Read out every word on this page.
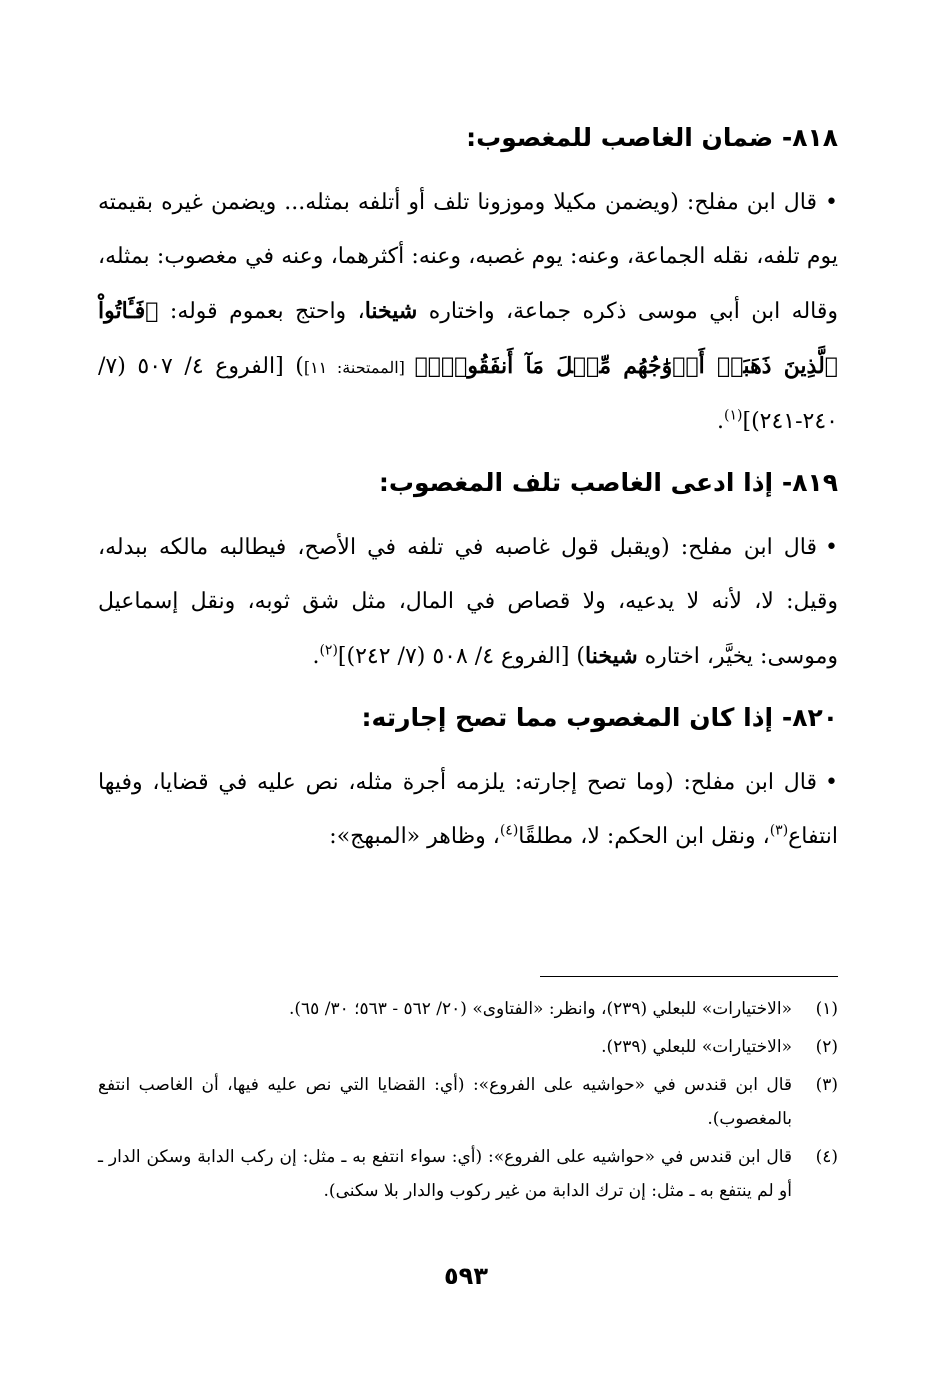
٨١٨- ضمان الغاصب للمغصوب:

•قال ابن مفلح: (ويضمن مكيلا وموزونا تلف أو أتلفه بمثله... ويضمن غيره بقيمته يوم تلفه، نقله الجماعة، وعنه: يوم غصبه، وعنه: أكثرهما، وعنه في مغصوب: بمثله، وقاله ابن أبي موسى ذكره جماعة، واختاره شيخنا، واحتج بعموم قوله: ﴿فَـَٔاتُواْ ٱلَّذِينَ ذَهَبَتۡ أَزۡوَٰجُهُم مِّثۡلَ مَآ أَنفَقُواْۚ﴾ [الممتحنة: ١١]) [الفروع ٤/ ٥٠٧ (٧/ ٢٤٠-٢٤١)]$^{(١)}$.

٨١٩- إذا ادعى الغاصب تلف المغصوب:

•قال ابن مفلح: (ويقبل قول غاصبه في تلفه في الأصح، فيطالبه مالكه ببدله، وقيل: لا، لأنه لا يدعيه، ولا قصاص في المال، مثل شق ثوبه، ونقل إسماعيل وموسى: يخيَّر، اختاره شيخنا) [الفروع ٤/ ٥٠٨ (٧/ ٢٤٢)]$^{(٢)}$.

٨٢٠- إذا كان المغصوب مما تصح إجارته:

•قال ابن مفلح: (وما تصح إجارته: يلزمه أجرة مثله، نص عليه في قضايا، وفيها انتفاع$^{(٣)}$، ونقل ابن الحكم: لا، مطلقًا$^{(٤)}$، وظاهر «المبهج»:

(١)
«الاختيارات» للبعلي (٢٣٩)، وانظر: «الفتاوى» (٢٠/ ٥٦٢ - ٥٦٣؛ ٣٠/ ٦٥).
(٢)
«الاختيارات» للبعلي (٢٣٩).
(٣)
قال ابن قندس في «حواشيه على الفروع»: (أي: القضايا التي نص عليه فيها، أن الغاصب انتفع بالمغصوب).
(٤)
قال ابن قندس في «حواشيه على الفروع»: (أي: سواء انتفع به ـ مثل: إن ركب الدابة وسكن الدار ـ أو لم ينتفع به ـ مثل: إن ترك الدابة من غير ركوب والدار بلا سكنى).
٥٩٣
